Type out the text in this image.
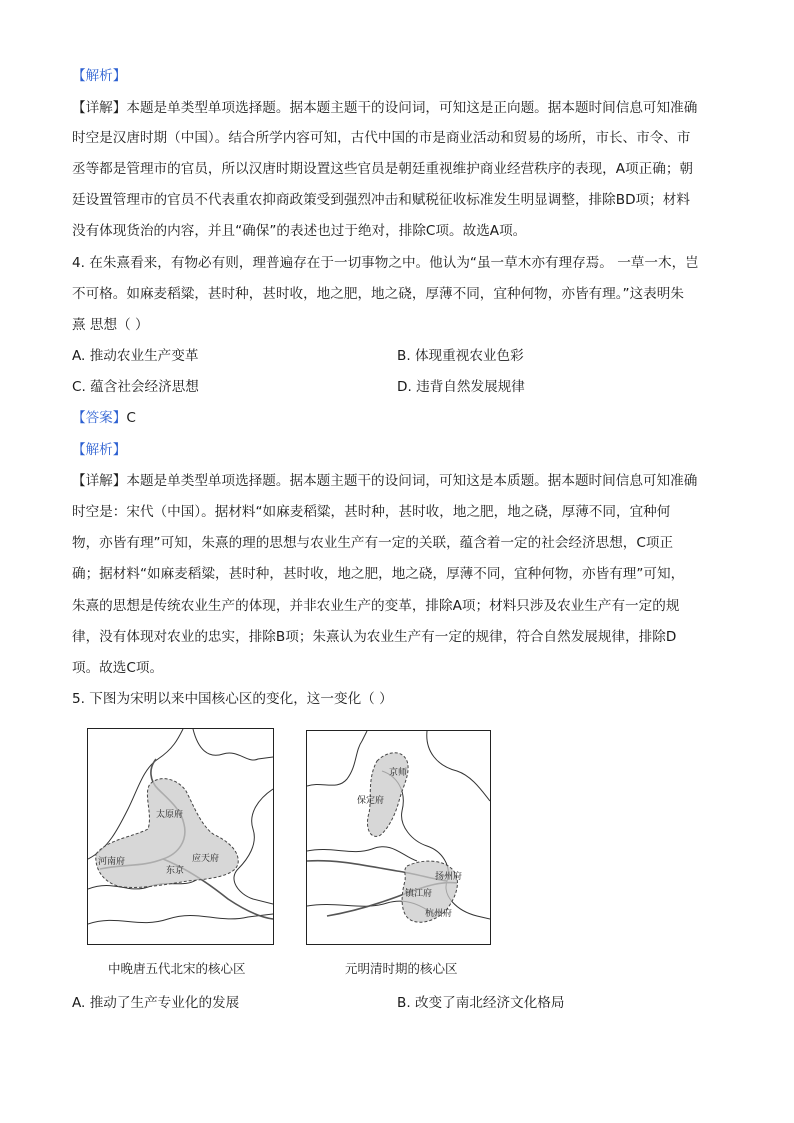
【解析】
【详解】本题是单类型单项选择题。据本题主题干的设问词，可知这是正向题。据本题时间信息可知准确
时空是汉唐时期（中国）。结合所学内容可知，古代中国的市是商业活动和贸易的场所，市长、市令、市
丞等都是管理市的官员，所以汉唐时期设置这些官员是朝廷重视维护商业经营秩序的表现，A项正确；朝
廷设置管理市的官员不代表重农抑商政策受到强烈冲击和赋税征收标准发生明显调整，排除BD项；材料
没有体现货治的内容，并且“确保”的表述也过于绝对，排除C项。故选A项。
4. 在朱熹看来，有物必有则，理普遍存在于一切事物之中。他认为“虽一草木亦有理存焉。 一草一木，岂
不可格。如麻麦稻粱，甚时种，甚时收，地之肥，地之硗，厚薄不同，宜种何物，亦皆有理。”这表明朱
熹 思想（ ）
A. 推动农业生产变革	B. 体现重视农业色彩
C. 蕴含社会经济思想	D. 违背自然发展规律
【答案】C
【解析】
【详解】本题是单类型单项选择题。据本题主题干的设问词，可知这是本质题。据本题时间信息可知准确
时空是：宋代（中国）。据材料“如麻麦稻粱，甚时种，甚时收，地之肥，地之硗，厚薄不同，宜种何
物，亦皆有理”可知，朱熹的理的思想与农业生产有一定的关联，蕴含着一定的社会经济思想，C项正
确；据材料“如麻麦稻粱，甚时种，甚时收，地之肥，地之硗，厚薄不同，宜种何物，亦皆有理”可知，
朱熹的思想是传统农业生产的体现，并非农业生产的变革，排除A项；材料只涉及农业生产有一定的规
律，没有体现对农业的忠实，排除B项；朱熹认为农业生产有一定的规律，符合自然发展规律，排除D
项。故选C项。
5. 下图为宋明以来中国核心区的变化，这一变化（ ）
太原府
河南府
东京
应天府
京师
保定府
扬州府
镇江府
杭州府
中晚唐五代北宋的核心区	元明清时期的核心区
A. 推动了生产专业化的发展	B. 改变了南北经济文化格局
